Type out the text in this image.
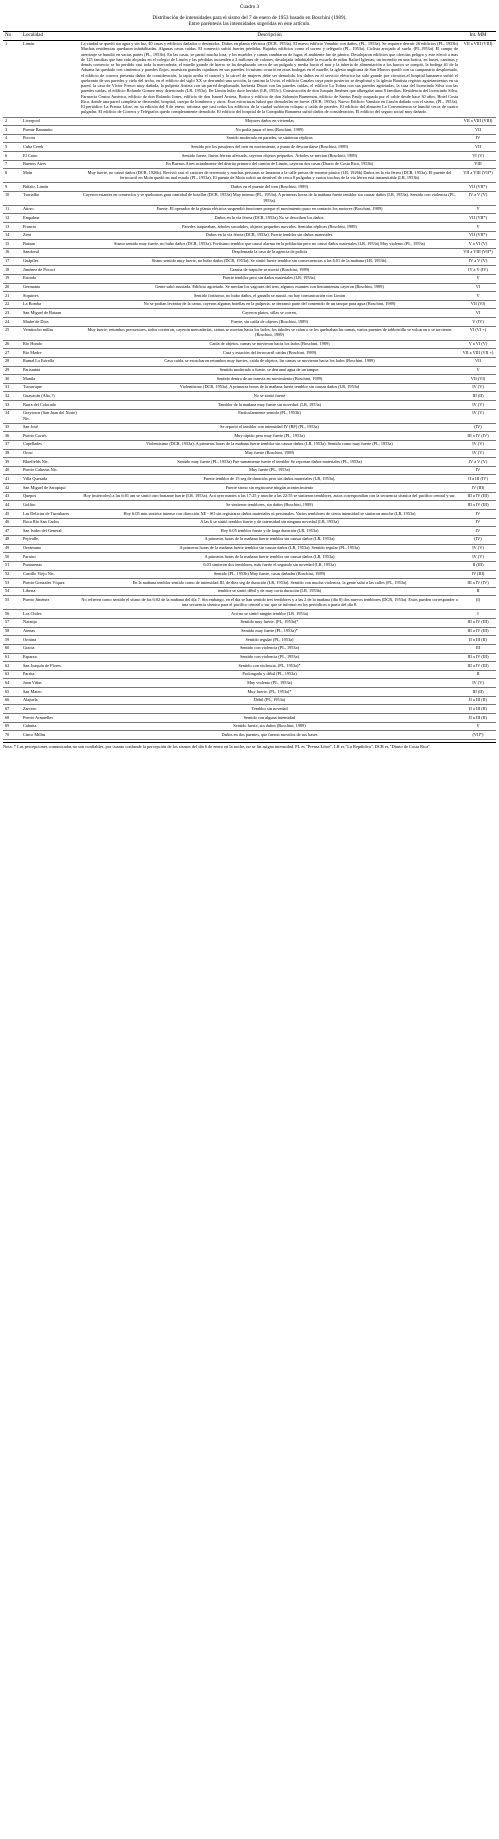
Cuadro 3
Distribución de intensidades para el sismo del 7 de enero de 1953 basado en Boschini (1989).
Entre paréntesis las intensidades sugeridas en este artículo.
No	Localidad	Descripción	Int. MM
1	Limón	La ciudad se quedó sin agua y sin luz, 40 casas y edificios dañados o destruidos. Daños en planta eléctrica (DCR, 1953a). El nuevo edificio Vanubio con daños, (PL, 1953a). Se requiere derruir 26 edificios (PL, 1953b) Muchas residencias quedaron inhabilitadas. Algunas casas caídas. El comercio sufrió fuertes pérdidas. Rajados edificios como el correo y telégrafo (PL, 1953a). Ciclista arrojado al suelo. (PL,1953a). El campo de aterrizaje se hundió en varias partes (PL, 1953b). En las casas, se partió mucha loza, y los muebles y camas cambiaron de lugar, el ambiente fue de pánico. Desalojaron edificios que ofrecían peligro y este efectó a mas de 125 familias que han sido alojadas en el colegio de Limón y las pérdidas ascienden a 2 millones de colones, desalojada inhabitable la escuela de niñas Rafael Iglesias; un incendio en una botica, en buses, cantinas y demás comercio se ha perdido casi toda la mercadería; el muelle grande de hierro se ha desplazado cerca de un pulgada y media hacia el mar y la tubería de alimentación a los barcos se rompió, la bodega #1 de la Aduana ha quedado con cimientos y paredes flojos, muestran grandes rajaduras en sus paredes, lo mismo ocurrió en otras bodegas en el muelle, la iglesia anglicana de San Marcos quedó con su campanario desplomado, el edificio de correos presenta daños de consideración, la tapia arriba el cuartel y la cárcel de mujeres debe ser demolida, los daños en el servicio eléctrico ha sido grande por circuitos,el hospital bananero sufrió el quebranto de sus paredes y cielo del techo, en el edificio del siglo XX se derrumbó una sección, la cantina la Uvita, el edificio Canales cuya parte posterior se desplomó y la iglesia Bautista registro agrietamientos en su pared, la casa de Víctor Fresco muy dañada, la pulpería Arrieta con un pared desplomada, barbería Dixon con las paredes caídas, el edificio La Tolina con sus paredes agrietadas, la casa del licenciado Silva con las paredes caídas, el edificio Rolando Gomez muy deteriorado (LR, 1953a). En Limón hubo doce heridos (LR, 1953c). Construcción de don Joaquín Jiménez que albergaba unas 8 familias. Residencia del licenciado Silva, Farmacia Centro América, edificio de don Rolando Jones, edificio de don Ismael Arrieta, Botica y edificio de don Salomón Barnemon, edificio de Santos Pauly ocupado por el cable desde hace 30 años, Hotel Costa Rica, donde una pared completa se derrumbó, hospital, cuerpo de bomberos y otros. Esas estructuras habrá que demolerlas en breve. (DCR, 1953a). Nuevo Edificio Vanubio en Limón dañado con el sismo, (PL, 1953a). El periódico La Prensa Libre, en su edición del 8 de enero, informa que casi todos los edificios de la ciudad sufrieron colapso o caída de paredes. El edificio del almacén La Conveniencia se hundió cerca de cuatro pulgadas. El edificio de Correos y Telégrafos quedo completamente demolido. El edificio del hospital de la Compañía Bananera sufrió daños de consideración. El edificio del seguro social muy dañado.	VII a VIII (VIII)
2	Liverpool	Mayores daños en viviendas	VII a VIII (VIII)
3	Puente Banamito	No podía pasar el tren (Boschini, 1989)	VII
4	Pocora	Sonido moderado en paredes, se sintieron réplicas	IV
5	Cuba Creek	Sentido por los pasajeros del tren en movimiento, a punto de descarrilarse (Boschini, 1989)	VII
6	El Cairo	Sentido fuerte, líneas férreas afectada, cayeron objetos pequeños. Árboles se mecían (Boschini, 1989)	VI (V)
7	Buenos Aires	En Buenos Aires actualmente del distrito primero del cantón de Limón, cayeron dos casas (Diario de Costa Rica, 1953b)	VIII
8	Moín	Muy fuerte, no causó daños (DCR, 1926b). Revivió casi el carácter de terremoto y muchas personas se lanzaron a la calle presas de enorme pánico (LR, 1926b) Daños en la vía férrea (DCR, 1953a). El puente del ferrocarril en Moín quedó en mal estado (PL, 1953a). El puente de Moín sufrió un desnivel de cerca 8 pulgadas y varios trochos de la vía férrea está intransitable (LR, 1953b)	VII a VIII (VII*)
9	Búfalo, Limón	Daños en el puente del tren (Boschini, 1989)	VII (VII*)
10	Turrialba	Cayeron estantes en comercios y se quebraron gran cantidad de botellas (DCR, 1953a) Muy intenso (PL, 1953a). A primeras horas de la mañana fuerte temblor sin causar daños (LR, 1953a). Sentido con violencia (PL, 1953a).	IV a V (V)
11	Atirro	Fuerte. El operador de la planta eléctrica suspendió funciones porque el movimiento puso en contacto los motores (Boschini, 1989)	V
12	Empalme	Daños en la vía férrea (DCR, 1953a) No se describen los daños.	VII (VII*)
13	Francia	Paredes traqueaban, árboles sacudidos, objetos pequeños movidos. Sentidas réplicas (Boschini, 1989)	V
14	Zent	Daños en la vía férrea (DCR, 1953a). Fuerte temblor sin daños materiales.	VII (VII*)
15	Bataan	Sismo sentido muy fuerte, no hubo daños (DCR, 1953a). Fortísimo temblor que causó alarma en la población pero no causó daños materiales (LR, 1953a) Muy violento (PL, 1953a)	V a VI (V)
16	Sandoval	Desplomada la casa de la agencia de policía	VII a VIII (VII*)
17	Guápiles	Sismo sentido muy fuerte, no hubo daños (DCR, 1953a). Se sintió fuerte temblor sin consecuencias a las 6:01 de la mañana (LR, 1953b).	IV a V (V)
18	Jiménez de Pococí	Cansoa de trapiche se movió (Boschini, 1989)	IV a V (IV)
19	Estrada	Fuerte temblor pero sin daños materiales (LR, 1953a).	V
20	Germania	Gente salió asustada. Edificio agrietado. Se mecían los vagones del tren, algunos estantes con herramientas cayeron (Boschini, 1989)	VI
21	Siquirres	Sentido fortísimo, no hubo daños, el ganado se asustó, no hay comunicación con Limón	V
22	La Bomba	No se podían levantar de la cama, cayeron algunas botellas en la pulpería, se derramó parte del contenido de un tanque para agua (Boschini, 1989)	VII (VI)
23	San Miguel de Bataan	Cayeron platos, sillas se corren,	VI
24	Madre de Dios	Fuerte, sin caída de objetos (Boschini, 1989)	V (IV)
25	Veintiocho millas	Muy fuerte, retumbos precursores, todos corrieron, cayeron mercaderías, camas se movían hacia los lados, los árboles se caían o se les quebraban las ramas, varios puentes de tabloncillo se volcaron o se torcieron (Boschini, 1989)	VI (VI +)
26	Río Hondo	Caída de objetos, camas se movieron hacia los lados (Boschini, 1989)	V a VI (V)
27	Río Madre	Casa y estación del ferrocarril caídas (Boschini, 1989)	VII a VIII (VII +)
28	Ramal La Estrella	Casa caída, se escucharon retumbos muy fuertes, caída de objetos, las camas se movieron hacia los lados (Boschini, 1989)	VII
29	Parismina	Sentido moderado a fuerte, se derramó agua de un tanque.	V
30	Manila	Sentido dentro de un tranvía en movimiento (Boschini, 1989)	VII (VI)
31	Tucurrique	Violentísimo (DCR, 1953a). A primeras horas de la mañana fuerte temblor sin causar daños (LR, 1953a)	IV (V)
32	Guayacán (Alto,?)	No se sintió fuerte	III (II)
33	Barra del Colorado	Tamblor de la mañana muy fuerte sin novedad. (LR, 1953a)	IV (V)
34	Greytown (San Juan del Norte) Nic.	Particularmente sentido (PL, 1953b)	IV (V)
35	San José	Se reportó el temblor con intensidad IV (RF) (PL, 1953a)	(IV)
36	Puerto Cortés	Muy rápido pero muy fuerte (PL, 1953a)	III a IV (IV)
37	Capellades	Violentísimo (DCR, 1953a). A primeras horas de la mañana fuerte temblor sin causar daños (LR, 1953a). Sentido como muy fuerte (PL, 1953a)	IV (V)
38	Orosí	Muy fuerte (Boschini, 1989)	IV (V)
39	Bluefields Nic.	Sentido muy fuerte (PL, 1953a) Fue sumamente fuerte el temblor Se reportan daños materiales (PL, 1953a)	IV a V (V)
40	Puerto Cabezas Nic.	Muy fuerte (PL, 1953a)	IV
41	Villa Quesada	Fuerte temblor de 15 seg de duración pero sin daños materiales (LR, 1953a).	II a III (IV)
42	San Miguel de Sarapiquí	Fuerte sismo sin registrarse ningún acontecimiento	IV (III)
43	Quepos	Hoy (miércoles) a las 6:01 am se sintió otro bastante fuerte (LR, 1953a). Aca ayer martes a las 17:25 y anoche a las 22:55 se sintieron temblores, autos correspondían con la secuencia sísmica del pacífico central y sur.	III a IV (III)
44	Golfito	Se sintieron temblores, sin daños (Boschini, 1989)	III a IV (III)
45	Las Delicias de Turrubares	Hoy 6:05 min sintióse intenso con dirección NE - SO sin registrarse daños materiales ni personales. Varios temblores de cierta intensidad se sintieron anoche (LR, 1953a)	IV
46	Boca Río San Carlos	A las 6 se sintió temblor fuerte y de intensidad sin ninguna novedad (LR, 1953a)	IV
47	San Isidro del General	Hoy 6:05 temblor fuerte y de larga duración (LR, 1953a)	IV
48	Pejivalle,	A primeras horas de la mañana fuerte temblor sin causar daños (LR, 1953a)	(IV)
49	Oreamuno	A primeras horas de la mañana fuerte temblor sin causar daños (LR, 1953a). Sentido regular (PL, 1953a)	IV (V)
50	Paraíso	A primeras horas de la mañana fuerte temblor sin causar daños (LR, 1953a)	IV (V)
51	Puntarenas	6:03 sintieron dos temblores, más fuerte el segundo sin novedad (LR, 1953a)	II (III)
52	Castillo Viejo Nic.	Sentido (PL, 1953b) Muy fuerte, casas dañadas (Boschini, 1989)	IV (III)
53	Puerto Gonzales Víquez	En la mañana temblor sentido como de intensidad III, de diez seg de duración (LR, 1953a). Sentido con mucha violencia, la gente salió a las calles (PL, 1953a)	III a IV (IV)
54	Liberia	temblor se sintió débil y de muy corta duración (LR, 1953b)	II
55	Puerto Jiménez	No refieren como sentido el sismo de las 6:02 de la mañana del día 7. Sin embargo, en el día se han sentido tres temblores y a las 2 de la mañana (día 8) dos nuevos temblores (DCR, 1953a). Estos pueden corresponder a una secuencia sísmica para el pacífico central o sur que se informó en los periódicos a partir del día 8.	(I)
56	Los Chiles	Acá no se sintió ningún temblor (LR, 1953a)	I
57	Naranjo	Sentido muy fuerte, (PL, 1953a)*	III a IV (III)
58	Atenas	Sentido muy fuerte (PL, 1953a)*	III a IV (III)
59	Orotina	Sentido regular (PL, 1953a)	II a III (II)
60	Gracia	Sentido con violencia (PL, 1953a)	III
61	Esparza	Sentido con violencia (PL, 1953a)	III a IV (III)
62	San Joaquín de Flores	Sentido con violencia, (PL, 1953a)*	III a IV (III)
63	Parrita	Prolongado y débil (PL, 1953a)	II
64	Juan Viñas	Muy violento (PL, 1953a)	IV (V)
65	San Mateo	Muy fuerte, (PL, 1953a)*	III (II)
66	Alajuela	Débil (PL, 1953a)	II a III (II)
67	Zarcero	Temblor sin novedad	II a III (II)
68	Puerto Armuelles	Sentido con alguna intensidad	II a III (II)
69	Cahuita	Sentido fuerte, sin daños (Boschini, 1989)	V
70	Cinco Millas	Daños en dos puentes, que fueron movidos de sus bases	(VII*)
Nota: * Las percepciones comunicadas no son confiables, por cuanto confunde la percepción de los sismos del día 6 de enero en la noche, no se las asigna intensidad. PL es "Prensa Libre", LR es "La República", DCR es "Diario de Costa Rica".
